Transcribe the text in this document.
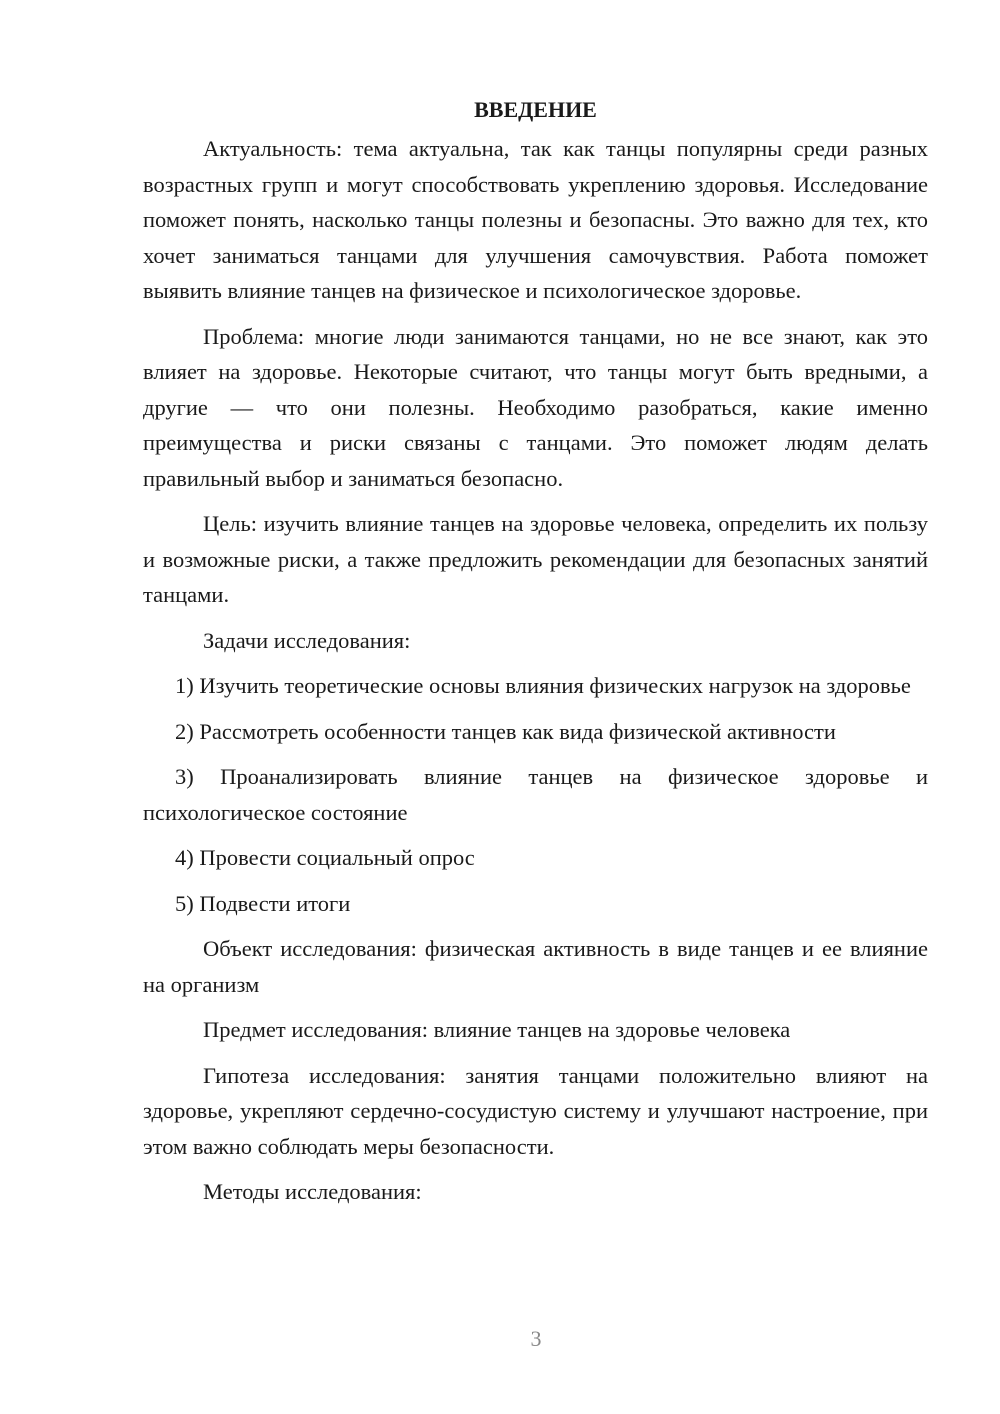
ВВЕДЕНИЕ

Актуальность: тема актуальна, так как танцы популярны среди разных возрастных групп и могут способствовать укреплению здоровья. Исследование поможет понять, насколько танцы полезны и безопасны. Это важно для тех, кто хочет заниматься танцами для улучшения самочувствия. Работа поможет выявить влияние танцев на физическое и психологическое здоровье.

Проблема: многие люди занимаются танцами, но не все знают, как это влияет на здоровье. Некоторые считают, что танцы могут быть вредными, а другие — что они полезны. Необходимо разобраться, какие именно преимущества и риски связаны с танцами. Это поможет людям делать правильный выбор и заниматься безопасно.

Цель: изучить влияние танцев на здоровье человека, определить их пользу и возможные риски, а также предложить рекомендации для безопасных занятий танцами.

Задачи исследования:

1) Изучить теоретические основы влияния физических нагрузок на здоровье

2) Рассмотреть особенности танцев как вида физической активности

3) Проанализировать влияние танцев на физическое здоровье и психологическое состояние

4) Провести социальный опрос

5) Подвести итоги

Объект исследования: физическая активность в виде танцев и ее влияние на организм

Предмет исследования: влияние танцев на здоровье человека

Гипотеза исследования: занятия танцами положительно влияют на здоровье, укрепляют сердечно-сосудистую систему и улучшают настроение, при этом важно соблюдать меры безопасности.

Методы исследования:

3
